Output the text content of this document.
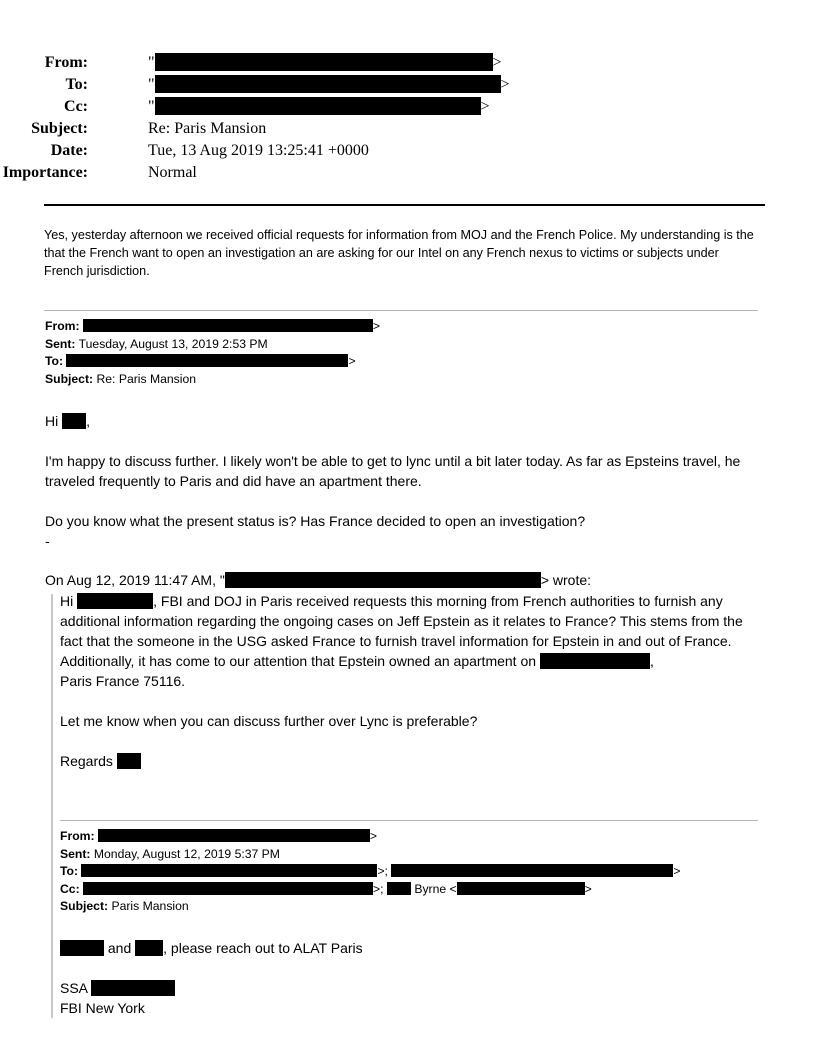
From:	"	>
To:	"	>
Cc:	"	>
Subject:	Re: Paris Mansion
Date:	Tue, 13 Aug 2019 13:25:41 +0000
Importance:	Normal
Yes, yesterday afternoon we received official requests for information from MOJ and the French Police. My understanding is the that the French want to open an investigation an are asking for our Intel on any French nexus to victims or subjects under French jurisdiction.
From:	>
Sent: Tuesday, August 13, 2019 2:53 PM
To:	>
Subject: Re: Paris Mansion
Hi ,
I'm happy to discuss further. I likely won't be able to get to lync until a bit later today. As far as Epsteins travel, he traveled frequently to Paris and did have an apartment there.
Do you know what the present status is? Has France decided to open an investigation?
-
On Aug 12, 2019 11:47 AM, "	> wrote:
Hi	, FBI and DOJ in Paris received requests this morning from French authorities to furnish any additional information regarding the ongoing cases on Jeff Epstein as it relates to France? This stems from the fact that the someone in the USG asked France to furnish travel information for Epstein in and out of France. Additionally, it has come to our attention that Epstein owned an apartment on	,
Paris France 75116.
Let me know when you can discuss further over Lync is preferable?
Regards
From:	>
Sent: Monday, August 12, 2019 5:37 PM
To:	>;	>
Cc:	>;	Byrne <	>
Subject: Paris Mansion
and , please reach out to ALAT Paris
SSA
FBI New York
